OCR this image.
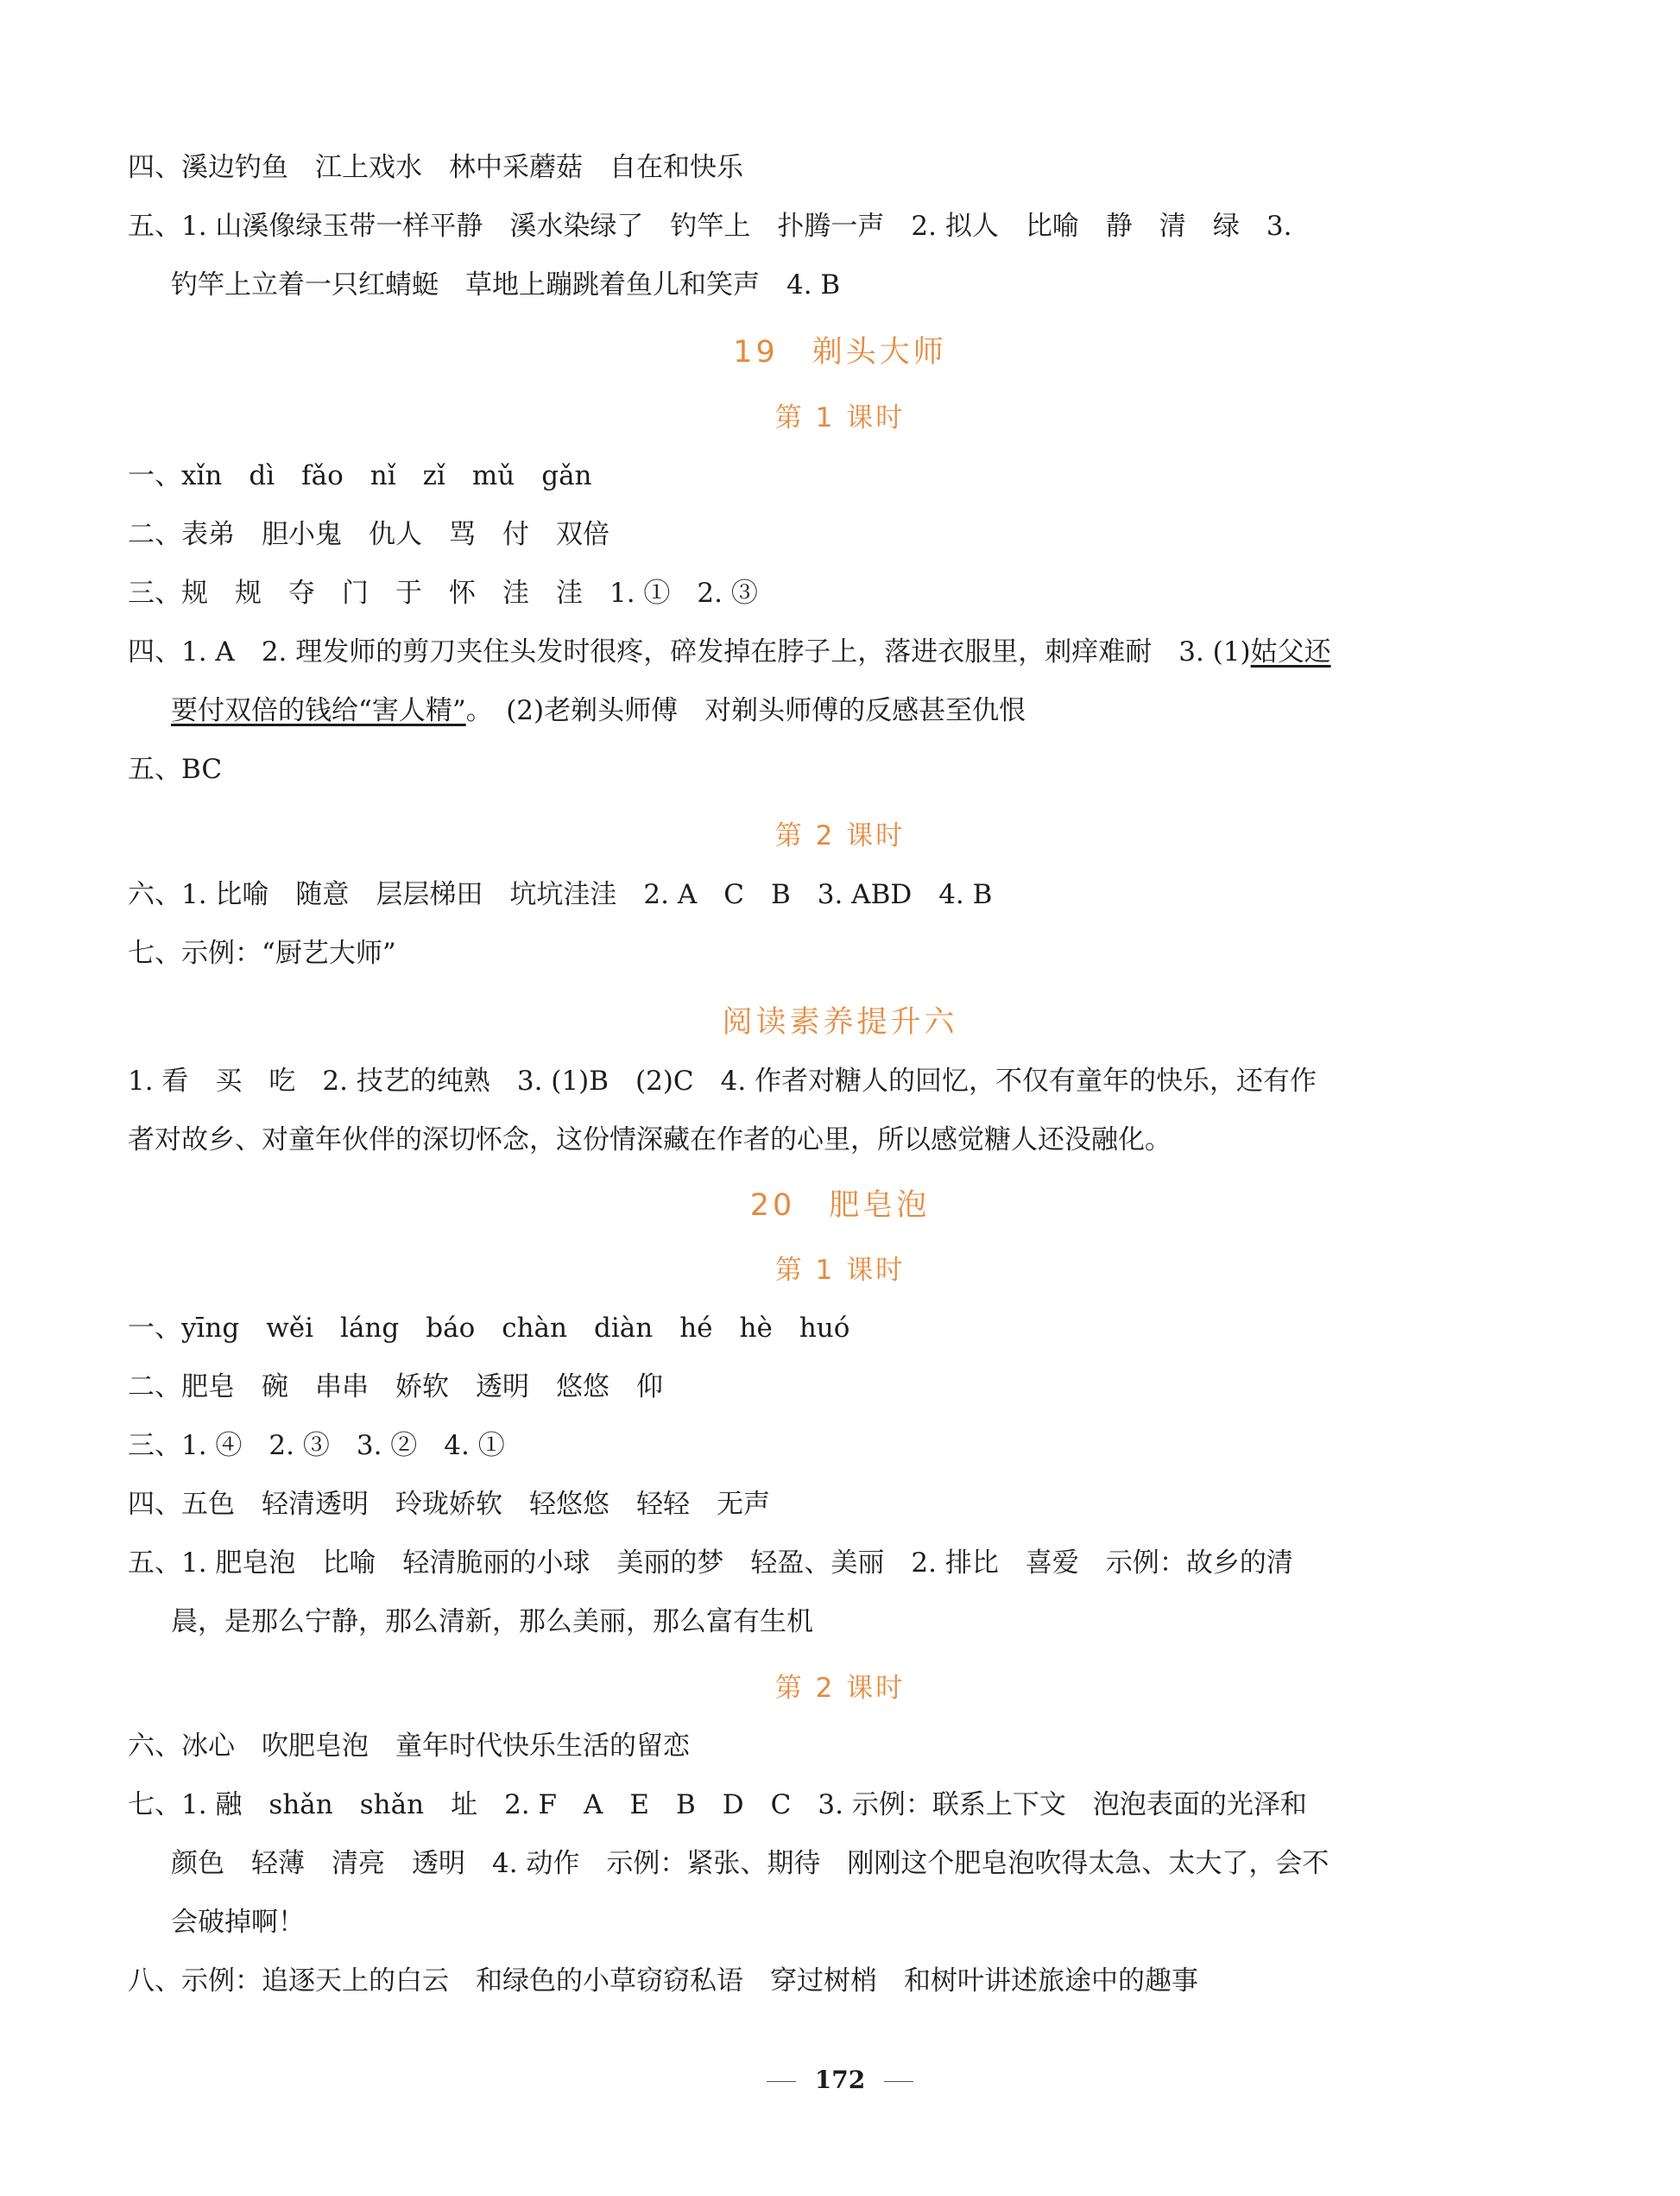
四、溪边钓鱼　江上戏水　林中采蘑菇　自在和快乐
五、1. 山溪像绿玉带一样平静　溪水染绿了　钓竿上　扑腾一声　2. 拟人　比喻　静　清　绿　3.
钓竿上立着一只红蜻蜓　草地上蹦跳着鱼儿和笑声　4. B
19　剃头大师
第 1 课时
一、xǐn　dì　fǎo　nǐ　zǐ　mǔ　gǎn
二、表弟　胆小鬼　仇人　骂　付　双倍
三、规　规　夺　门　于　怀　洼　洼　1. ①　2. ③
四、1. A　2. 理发师的剪刀夹住头发时很疼，碎发掉在脖子上，落进衣服里，刺痒难耐　3. (1)姑父还
要付双倍的钱给“害人精”。　(2)老剃头师傅　对剃头师傅的反感甚至仇恨
五、BC
第 2 课时
六、1. 比喻　随意　层层梯田　坑坑洼洼　2. A　C　B　3. ABD　4. B
七、示例：“厨艺大师”
阅读素养提升六
1. 看　买　吃　2. 技艺的纯熟　3. (1)B　(2)C　4. 作者对糖人的回忆，不仅有童年的快乐，还有作
者对故乡、对童年伙伴的深切怀念，这份情深藏在作者的心里，所以感觉糖人还没融化。
20　肥皂泡
第 1 课时
一、yīng　wěi　láng　báo　chàn　diàn　hé　hè　huó
二、肥皂　碗　串串　娇软　透明　悠悠　仰
三、1. ④　2. ③　3. ②　4. ①
四、五色　轻清透明　玲珑娇软　轻悠悠　轻轻　无声
五、1. 肥皂泡　比喻　轻清脆丽的小球　美丽的梦　轻盈、美丽　2. 排比　喜爱　示例：故乡的清
晨，是那么宁静，那么清新，那么美丽，那么富有生机
第 2 课时
六、冰心　吹肥皂泡　童年时代快乐生活的留恋
七、1. 融　shǎn　shǎn　址　2. F　A　E　B　D　C　3. 示例：联系上下文　泡泡表面的光泽和
颜色　轻薄　清亮　透明　4. 动作　示例：紧张、期待　刚刚这个肥皂泡吹得太急、太大了，会不
会破掉啊！
八、示例：追逐天上的白云　和绿色的小草窃窃私语　穿过树梢　和树叶讲述旅途中的趣事
172
